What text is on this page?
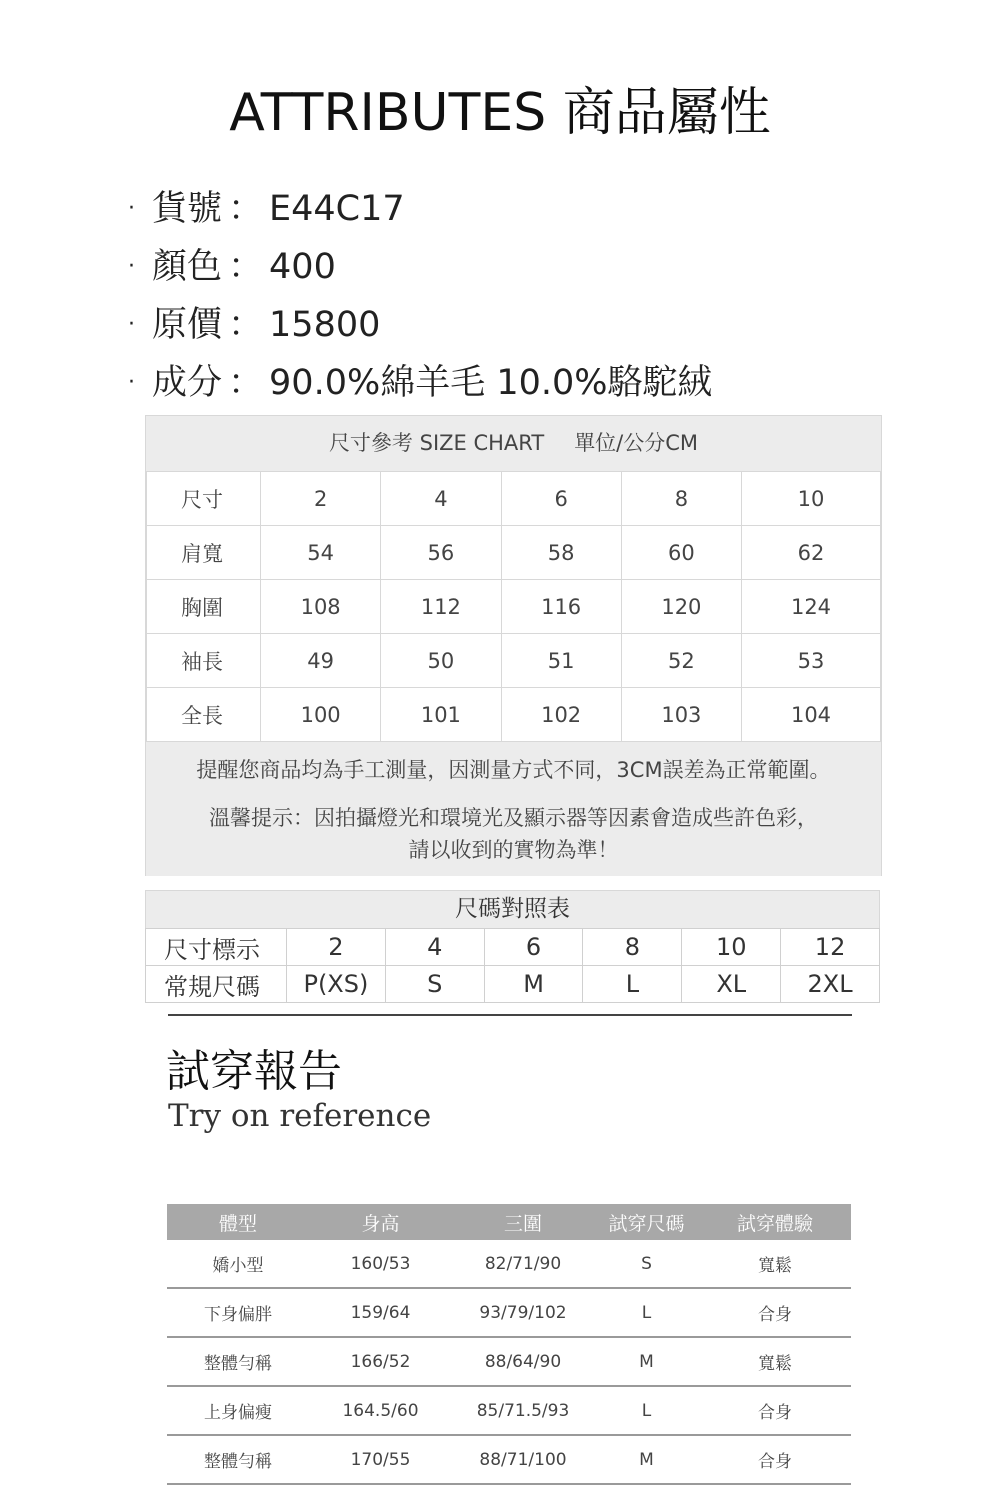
ATTRIBUTES 商品屬性
· 貨號 ： E44C17
· 顏色 ： 400
· 原價 ： 15800
· 成分 ： 90.0%綿羊毛 10.0%駱駝絨
尺寸參考 SIZE CHART 單位/公分CM
尺寸	2	4	6	8	10
肩寬	54	56	58	60	62
胸圍	108	112	116	120	124
袖長	49	50	51	52	53
全長	100	101	102	103	104

提醒您商品均為手工測量，因測量方式不同，3CM誤差為正常範圍。

溫馨提示：因拍攝燈光和環境光及顯示器等因素會造成些許色彩，

請以收到的實物為準！

尺碼對照表
尺寸標示	2	4	6	8	10	12
常規尺碼	P(XS)	S	M	L	XL	2XL
試穿報告
Try on reference
體型	身高	三圍	試穿尺碼	試穿體驗
嬌小型	160/53	82/71/90	S	寬鬆
下身偏胖	159/64	93/79/102	L	合身
整體勻稱	166/52	88/64/90	M	寬鬆
上身偏瘦	164.5/60	85/71.5/93	L	合身
整體勻稱	170/55	88/71/100	M	合身
